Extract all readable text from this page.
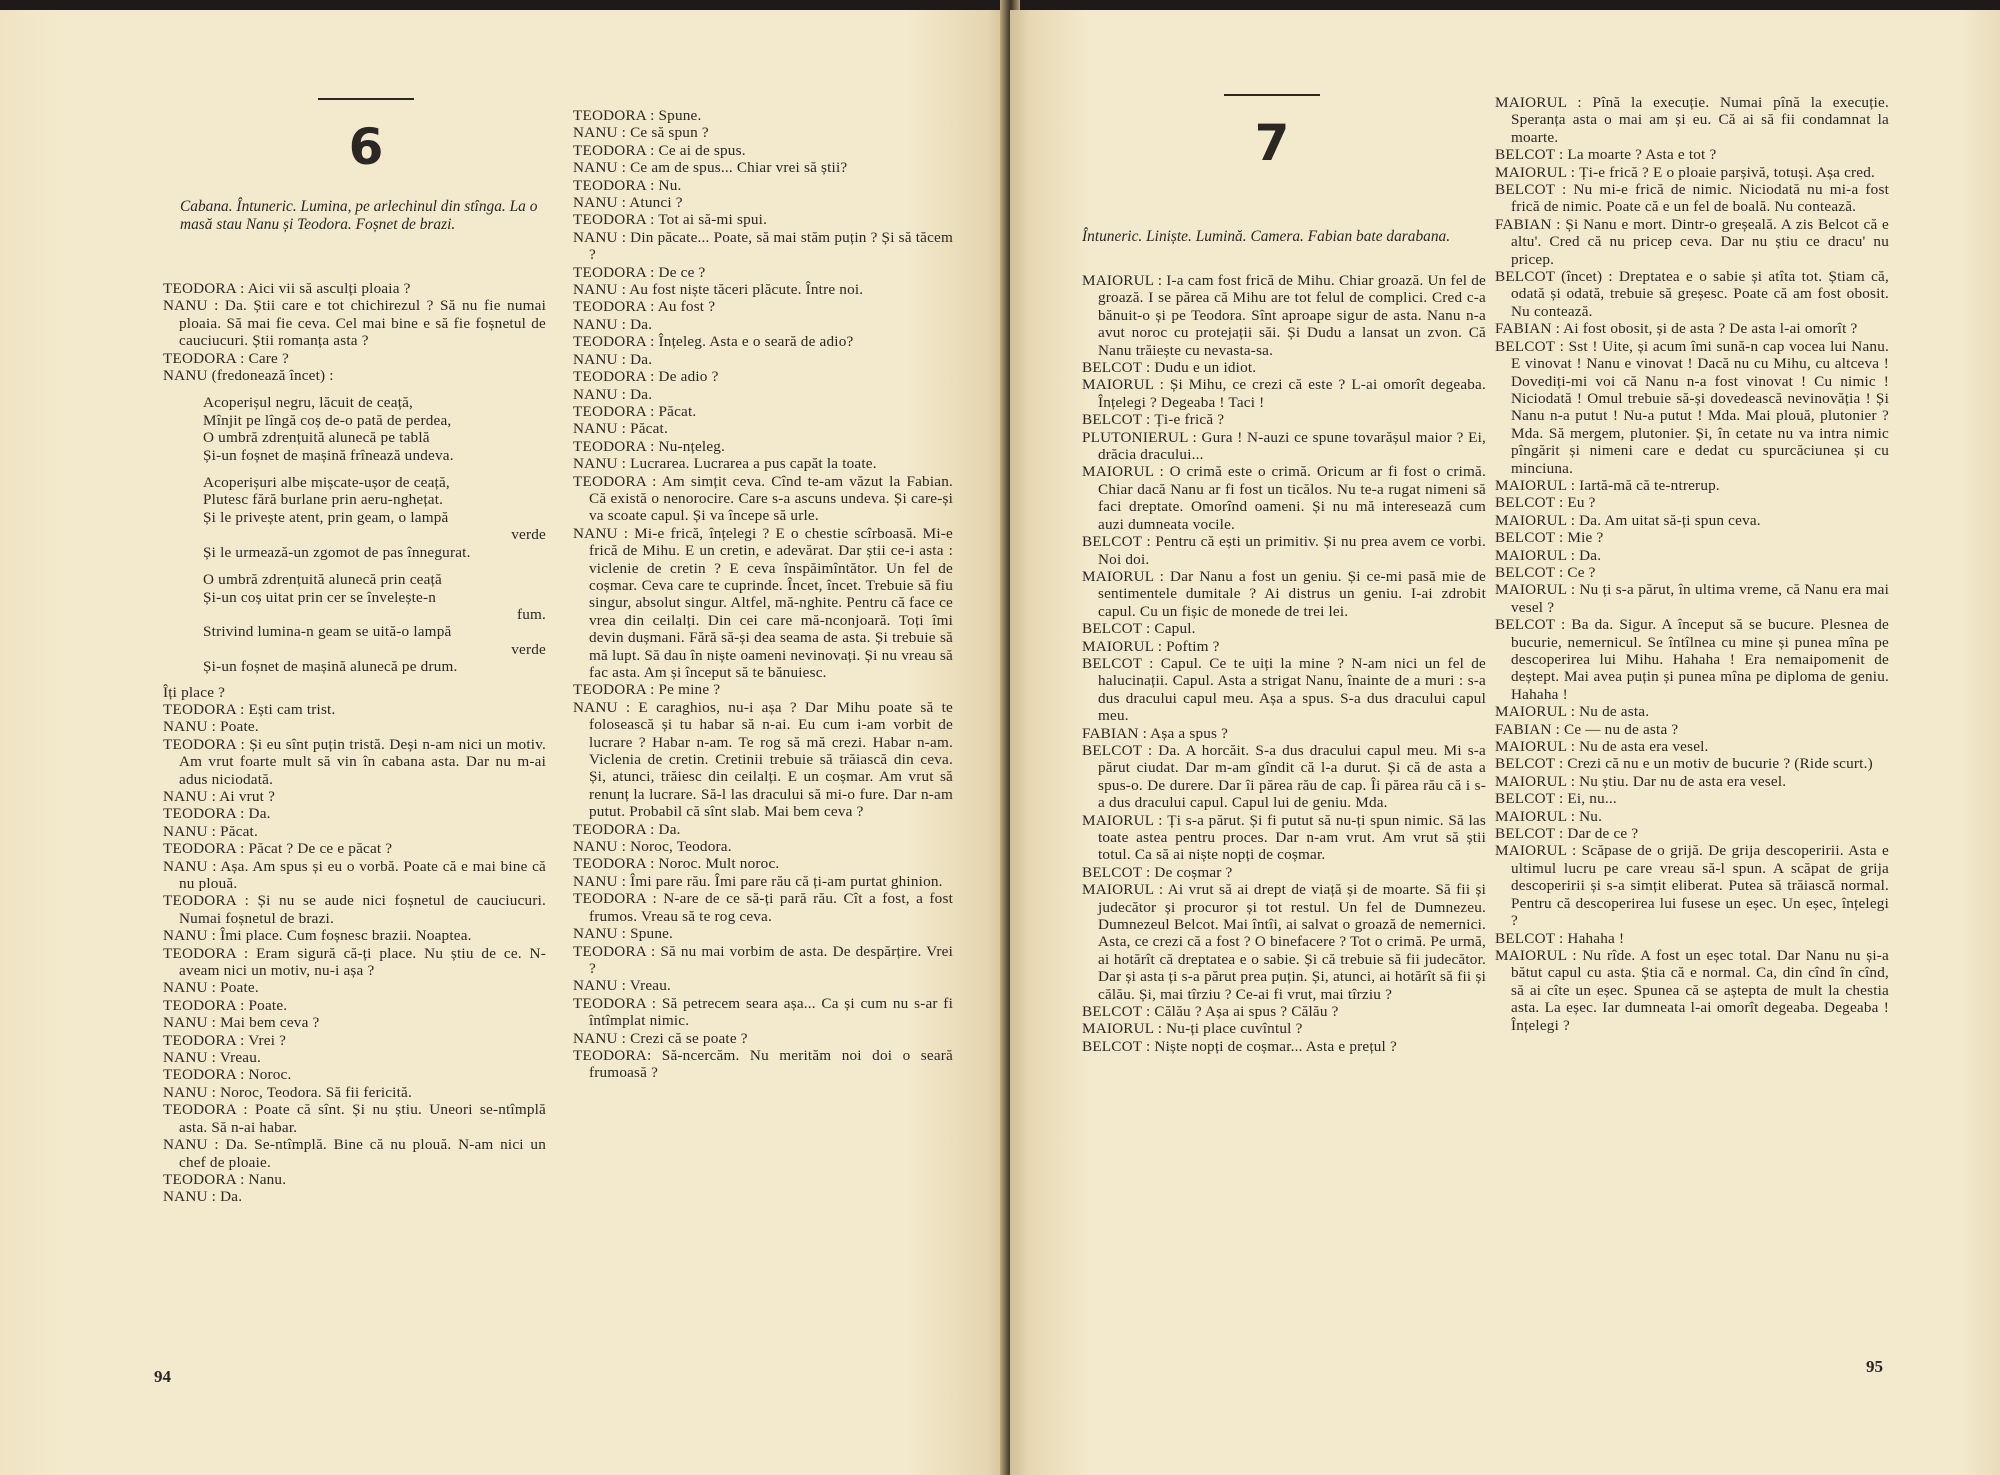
6
Cabana. Întuneric. Lumina, pe arlechinul din stînga. La o masă stau Nanu și Teodora. Foșnet de brazi.

TEODORA : Aici vii să asculți ploaia ?

NANU : Da. Știi care e tot chichirezul ? Să nu fie numai ploaia. Să mai fie ceva. Cel mai bine e să fie foșnetul de cauciucuri. Știi romanța asta ?

TEODORA : Care ?

NANU (fredonează încet) :

Acoperișul negru, lăcuit de ceață,
Mînjit pe lîngă coș de-o pată de perdea,
O umbră zdrențuită alunecă pe tablă
Și-un foșnet de mașină frînează undeva.
Acoperișuri albe mișcate-ușor de ceață,
Plutesc fără burlane prin aeru-nghețat.
Și le privește atent, prin geam, o lampă
verde
Și le urmează-un zgomot de pas înnegurat.
O umbră zdrențuită alunecă prin ceață
Și-un coș uitat prin cer se învelește-n
fum.
Strivind lumina-n geam se uită-o lampă
verde
Și-un foșnet de mașină alunecă pe drum.

Îți place ?

TEODORA : Ești cam trist.

NANU : Poate.

TEODORA : Și eu sînt puțin tristă. Deși n-am nici un motiv. Am vrut foarte mult să vin în cabana asta. Dar nu m-ai adus niciodată.

NANU : Ai vrut ?

TEODORA : Da.

NANU : Păcat.

TEODORA : Păcat ? De ce e păcat ?

NANU : Așa. Am spus și eu o vorbă. Poate că e mai bine că nu plouă.

TEODORA : Și nu se aude nici foșnetul de cauciucuri. Numai foșnetul de brazi.

NANU : Îmi place. Cum foșnesc brazii. Noaptea.

TEODORA : Eram sigură că-ți place. Nu știu de ce. N-aveam nici un motiv, nu-i așa ?

NANU : Poate.

TEODORA : Poate.

NANU : Mai bem ceva ?

TEODORA : Vrei ?

NANU : Vreau.

TEODORA : Noroc.

NANU : Noroc, Teodora. Să fii fericită.

TEODORA : Poate că sînt. Și nu știu. Uneori se-ntîmplă asta. Să n-ai habar.

NANU : Da. Se-ntîmplă. Bine că nu plouă. N-am nici un chef de ploaie.

TEODORA : Nanu.

NANU : Da.

TEODORA : Spune.

NANU : Ce să spun ?

TEODORA : Ce ai de spus.

NANU : Ce am de spus... Chiar vrei să știi?

TEODORA : Nu.

NANU : Atunci ?

TEODORA : Tot ai să-mi spui.

NANU : Din păcate... Poate, să mai stăm puțin ? Și să tăcem ?

TEODORA : De ce ?

NANU : Au fost niște tăceri plăcute. Între noi.

TEODORA : Au fost ?

NANU : Da.

TEODORA : Înțeleg. Asta e o seară de adio?

NANU : Da.

TEODORA : De adio ?

NANU : Da.

TEODORA : Păcat.

NANU : Păcat.

TEODORA : Nu-nțeleg.

NANU : Lucrarea. Lucrarea a pus capăt la toate.

TEODORA : Am simțit ceva. Cînd te-am văzut la Fabian. Că există o nenorocire. Care s-a ascuns undeva. Și care-și va scoate capul. Și va începe să urle.

NANU : Mi-e frică, înțelegi ? E o chestie scîrboasă. Mi-e frică de Mihu. E un cretin, e adevărat. Dar știi ce-i asta : viclenie de cretin ? E ceva înspăimîntător. Un fel de coșmar. Ceva care te cuprinde. Încet, încet. Trebuie să fiu singur, absolut singur. Altfel, mă-nghite. Pentru că face ce vrea din ceilalți. Din cei care mă-nconjoară. Toți îmi devin dușmani. Fără să-și dea seama de asta. Și trebuie să mă lupt. Să dau în niște oameni nevinovați. Și nu vreau să fac asta. Am și început să te bănuiesc.

TEODORA : Pe mine ?

NANU : E caraghios, nu-i așa ? Dar Mihu poate să te folosească și tu habar să n-ai. Eu cum i-am vorbit de lucrare ? Habar n-am. Te rog să mă crezi. Habar n-am. Viclenia de cretin. Cretinii trebuie să trăiască din ceva. Și, atunci, trăiesc din ceilalți. E un coșmar. Am vrut să renunț la lucrare. Să-l las dracului să mi-o fure. Dar n-am putut. Probabil că sînt slab. Mai bem ceva ?

TEODORA : Da.

NANU : Noroc, Teodora.

TEODORA : Noroc. Mult noroc.

NANU : Îmi pare rău. Îmi pare rău că ți-am purtat ghinion.

TEODORA : N-are de ce să-ți pară rău. Cît a fost, a fost frumos. Vreau să te rog ceva.

NANU : Spune.

TEODORA : Să nu mai vorbim de asta. De despărțire. Vrei ?

NANU : Vreau.

TEODORA : Să petrecem seara așa... Ca și cum nu s-ar fi întîmplat nimic.

NANU : Crezi că se poate ?

TEODORA: Să-ncercăm. Nu merităm noi doi o seară frumoasă ?

94
7
Întuneric. Liniște. Lumină. Camera. Fabian bate darabana.

MAIORUL : I-a cam fost frică de Mihu. Chiar groază. Un fel de groază. I se părea că Mihu are tot felul de complici. Cred c-a bănuit-o și pe Teodora. Sînt aproape sigur de asta. Nanu n-a avut noroc cu protejații săi. Și Dudu a lansat un zvon. Că Nanu trăiește cu nevasta-sa.

BELCOT : Dudu e un idiot.

MAIORUL : Și Mihu, ce crezi că este ? L-ai omorît degeaba. Înțelegi ? Degeaba ! Taci !

BELCOT : Ți-e frică ?

PLUTONIERUL : Gura ! N-auzi ce spune tovarășul maior ? Ei, drăcia dracului...

MAIORUL : O crimă este o crimă. Oricum ar fi fost o crimă. Chiar dacă Nanu ar fi fost un ticălos. Nu te-a rugat nimeni să faci dreptate. Omorînd oameni. Și nu mă interesează cum auzi dumneata vocile.

BELCOT : Pentru că ești un primitiv. Și nu prea avem ce vorbi. Noi doi.

MAIORUL : Dar Nanu a fost un geniu. Și ce-mi pasă mie de sentimentele dumitale ? Ai distrus un geniu. I-ai zdrobit capul. Cu un fișic de monede de trei lei.

BELCOT : Capul.

MAIORUL : Poftim ?

BELCOT : Capul. Ce te uiți la mine ? N-am nici un fel de halucinații. Capul. Asta a strigat Nanu, înainte de a muri : s-a dus dracului capul meu. Așa a spus. S-a dus dracului capul meu.

FABIAN : Așa a spus ?

BELCOT : Da. A horcăit. S-a dus dracului capul meu. Mi s-a părut ciudat. Dar m-am gîndit că l-a durut. Și că de asta a spus-o. De durere. Dar îi părea rău de cap. Îi părea rău că i s-a dus dracului capul. Capul lui de geniu. Mda.

MAIORUL : Ți s-a părut. Și fi putut să nu-ți spun nimic. Să las toate astea pentru proces. Dar n-am vrut. Am vrut să știi totul. Ca să ai niște nopți de coșmar.

BELCOT : De coșmar ?

MAIORUL : Ai vrut să ai drept de viață și de moarte. Să fii și judecător și procuror și tot restul. Un fel de Dumnezeu. Dumnezeul Belcot. Mai întîi, ai salvat o groază de nemernici. Asta, ce crezi că a fost ? O binefacere ? Tot o crimă. Pe urmă, ai hotărît că dreptatea e o sabie. Și că trebuie să fii judecător. Dar și asta ți s-a părut prea puțin. Și, atunci, ai hotărît să fii și călău. Și, mai tîrziu ? Ce-ai fi vrut, mai tîrziu ?

BELCOT : Călău ? Așa ai spus ? Călău ?

MAIORUL : Nu-ți place cuvîntul ?

BELCOT : Niște nopți de coșmar... Asta e prețul ?

MAIORUL : Pînă la execuție. Numai pînă la execuție. Speranța asta o mai am și eu. Că ai să fii condamnat la moarte.

BELCOT : La moarte ? Asta e tot ?

MAIORUL : Ți-e frică ? E o ploaie parșivă, totuși. Așa cred.

BELCOT : Nu mi-e frică de nimic. Niciodată nu mi-a fost frică de nimic. Poate că e un fel de boală. Nu contează.

FABIAN : Și Nanu e mort. Dintr-o greșeală. A zis Belcot că e altu'. Cred că nu pricep ceva. Dar nu știu ce dracu' nu pricep.

BELCOT (încet) : Dreptatea e o sabie și atîta tot. Știam că, odată și odată, trebuie să greșesc. Poate că am fost obosit. Nu contează.

FABIAN : Ai fost obosit, și de asta ? De asta l-ai omorît ?

BELCOT : Sst ! Uite, și acum îmi sună-n cap vocea lui Nanu. E vinovat ! Nanu e vinovat ! Dacă nu cu Mihu, cu altceva ! Dovediți-mi voi că Nanu n-a fost vinovat ! Cu nimic ! Niciodată ! Omul trebuie să-și dovedească nevinovăția ! Și Nanu n-a putut ! Nu-a putut ! Mda. Mai plouă, plutonier ? Mda. Să mergem, plutonier. Și, în cetate nu va intra nimic pîngărit și nimeni care e dedat cu spurcăciunea și cu minciuna.

MAIORUL : Iartă-mă că te-ntrerup.

BELCOT : Eu ?

MAIORUL : Da. Am uitat să-ți spun ceva.

BELCOT : Mie ?

MAIORUL : Da.

BELCOT : Ce ?

MAIORUL : Nu ți s-a părut, în ultima vreme, că Nanu era mai vesel ?

BELCOT : Ba da. Sigur. A început să se bucure. Plesnea de bucurie, nemernicul. Se întîlnea cu mine și punea mîna pe descoperirea lui Mihu. Hahaha ! Era nemaipomenit de deștept. Mai avea puțin și punea mîna pe diploma de geniu. Hahaha !

MAIORUL : Nu de asta.

FABIAN : Ce — nu de asta ?

MAIORUL : Nu de asta era vesel.

BELCOT : Crezi că nu e un motiv de bucurie ? (Ride scurt.)

MAIORUL : Nu știu. Dar nu de asta era vesel.

BELCOT : Ei, nu...

MAIORUL : Nu.

BELCOT : Dar de ce ?

MAIORUL : Scăpase de o grijă. De grija descoperirii. Asta e ultimul lucru pe care vreau să-l spun. A scăpat de grija descoperirii și s-a simțit eliberat. Putea să trăiască normal. Pentru că descoperirea lui fusese un eșec. Un eșec, înțelegi ?

BELCOT : Hahaha !

MAIORUL : Nu rîde. A fost un eșec total. Dar Nanu nu și-a bătut capul cu asta. Știa că e normal. Ca, din cînd în cînd, să ai cîte un eșec. Spunea că se aștepta de mult la chestia asta. La eșec. Iar dumneata l-ai omorît degeaba. Degeaba ! Înțelegi ?

95
